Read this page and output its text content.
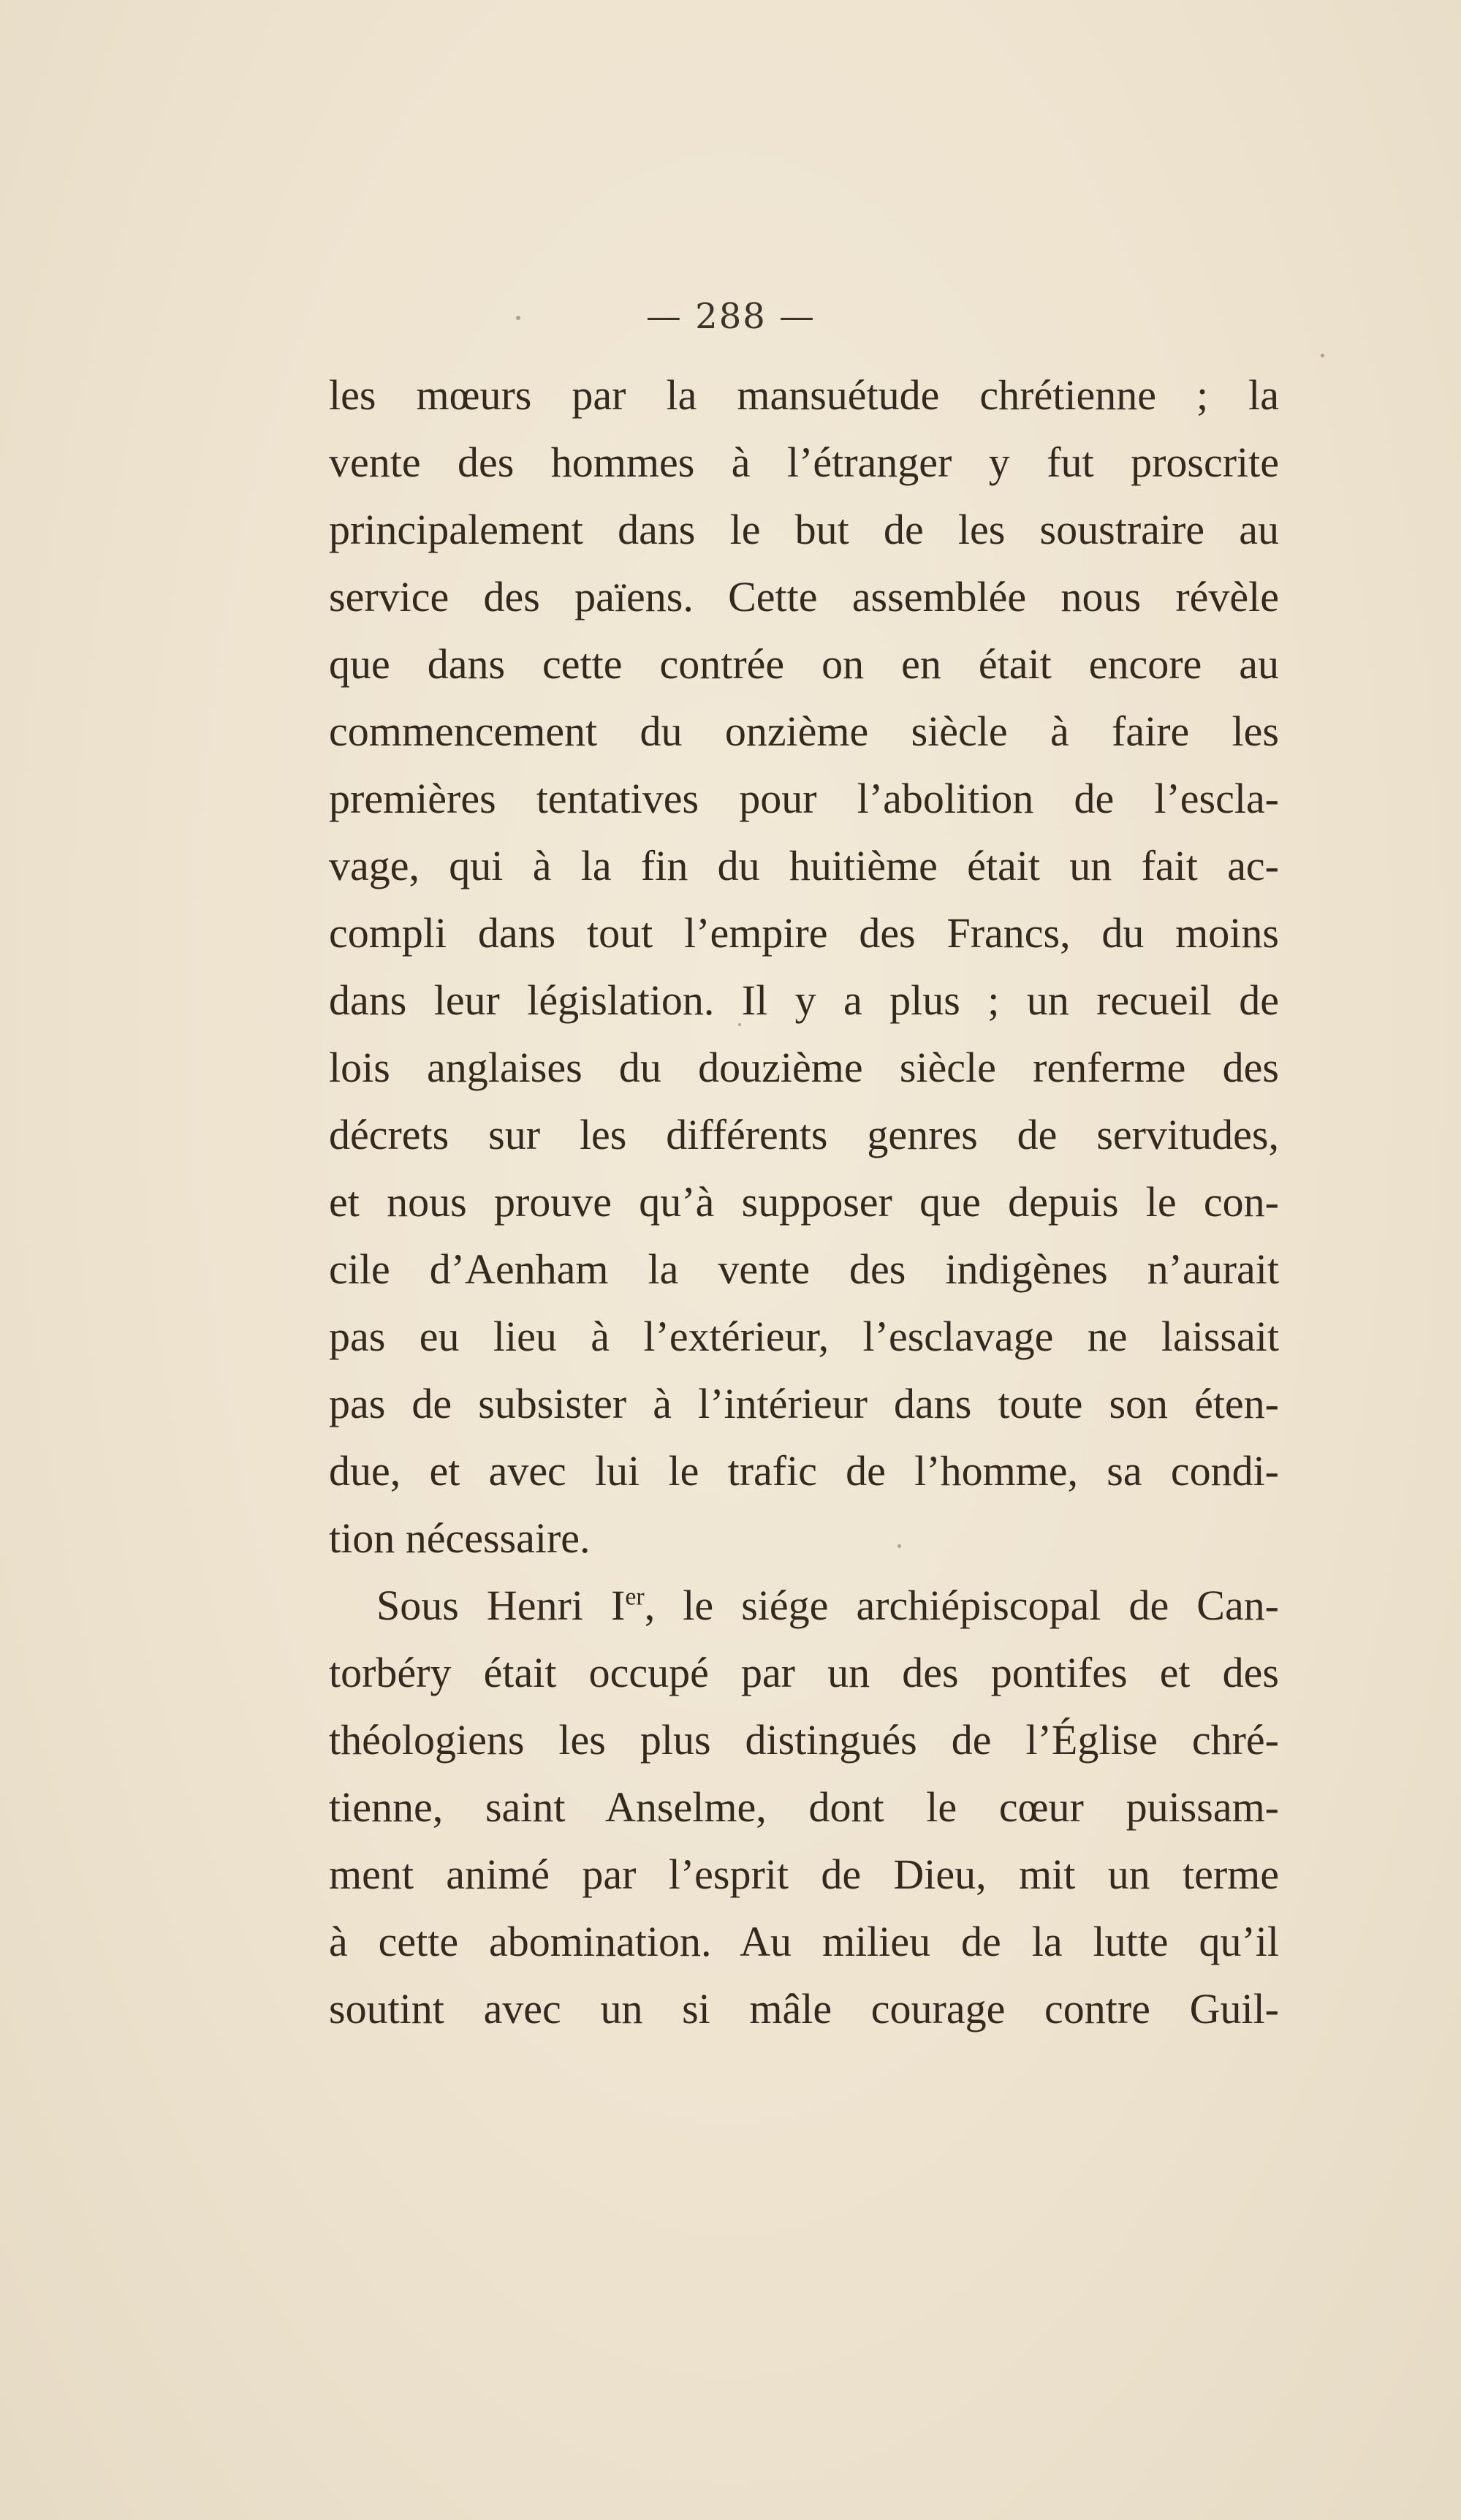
— 288 —
les mœurs par la mansuétude chrétienne ; la
vente des hommes à l’étranger y fut proscrite
principalement dans le but de les soustraire au
service des païens. Cette assemblée nous révèle
que dans cette contrée on en était encore au
commencement du onzième siècle à faire les
premières tentatives pour l’abolition de l’escla-
vage, qui à la fin du huitième était un fait ac-
compli dans tout l’empire des Francs, du moins
dans leur législation. Il y a plus ; un recueil de
lois anglaises du douzième siècle renferme des
décrets sur les différents genres de servitudes,
et nous prouve qu’à supposer que depuis le con-
cile d’Aenham la vente des indigènes n’aurait
pas eu lieu à l’extérieur, l’esclavage ne laissait
pas de subsister à l’intérieur dans toute son éten-
due, et avec lui le trafic de l’homme, sa condi-
tion nécessaire.
Sous Henri Ier, le siége archiépiscopal de Can-
torbéry était occupé par un des pontifes et des
théologiens les plus distingués de l’Église chré-
tienne, saint Anselme, dont le cœur puissam-
ment animé par l’esprit de Dieu, mit un terme
à cette abomination. Au milieu de la lutte qu’il
soutint avec un si mâle courage contre Guil-
